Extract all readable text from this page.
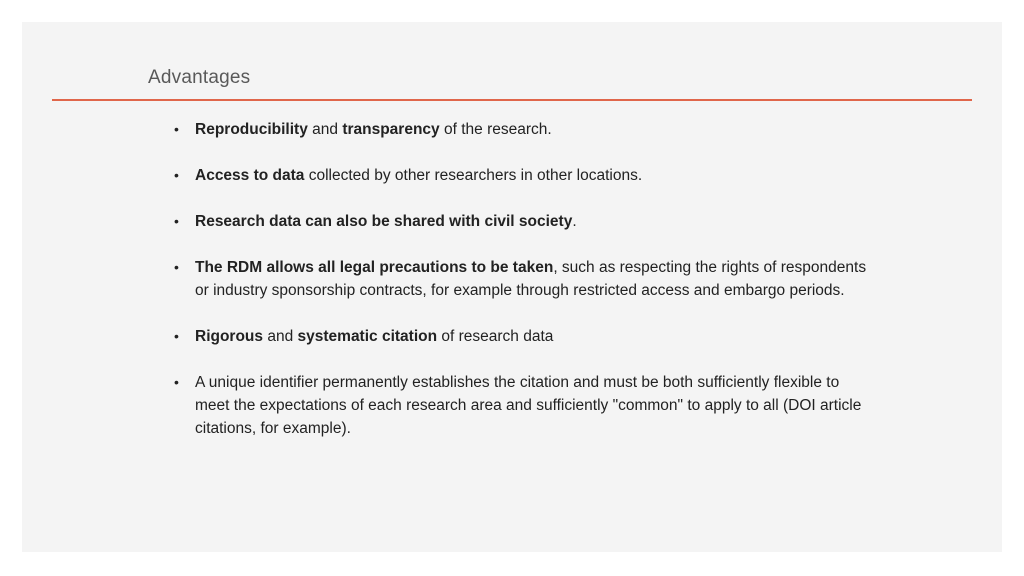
Advantages
• Reproducibility and transparency of the research.
• Access to data collected by other researchers in other locations.
• Research data can also be shared with civil society.
• The RDM allows all legal precautions to be taken, such as respecting the rights of respondents or industry sponsorship contracts, for example through restricted access and embargo periods.
• Rigorous and systematic citation of research data
• A unique identifier permanently establishes the citation and must be both sufficiently flexible to meet the expectations of each research area and sufficiently "common" to apply to all (DOI article citations, for example).
